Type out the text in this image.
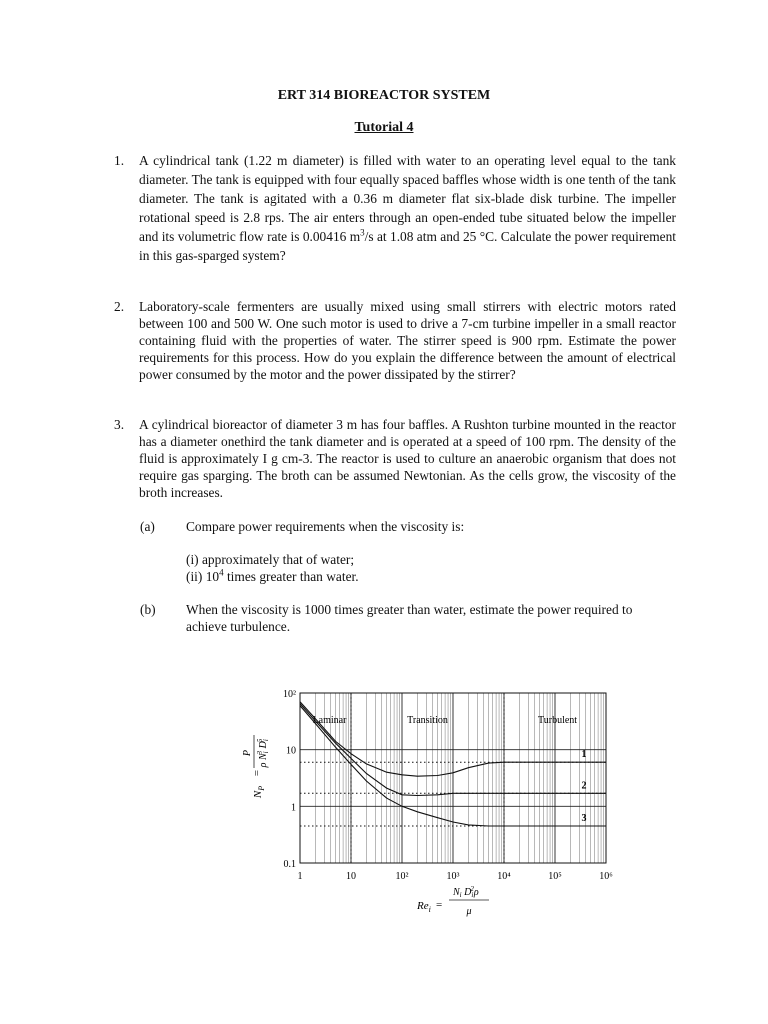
ERT 314 BIOREACTOR SYSTEM
Tutorial 4
1. A cylindrical tank (1.22 m diameter) is filled with water to an operating level equal to the tank diameter. The tank is equipped with four equally spaced baffles whose width is one tenth of the tank diameter. The tank is agitated with a 0.36 m diameter flat six-blade disk turbine. The impeller rotational speed is 2.8 rps. The air enters through an open-ended tube situated below the impeller and its volumetric flow rate is 0.00416 $m^3/s$ at 1.08 atm and 25 °C. Calculate the power requirement in this gas-sparged system?
2. Laboratory-scale fermenters are usually mixed using small stirrers with electric motors rated between 100 and 500 W. One such motor is used to drive a 7-cm turbine impeller in a small reactor containing fluid with the properties of water. The stirrer speed is 900 rpm. Estimate the power requirements for this process. How do you explain the difference between the amount of electrical power consumed by the motor and the power dissipated by the stirrer?
3. A cylindrical bioreactor of diameter 3 m has four baffles. A Rushton turbine mounted in the reactor has a diameter onethird the tank diameter and is operated at a speed of 100 rpm. The density of the fluid is approximately I g cm-3. The reactor is used to culture an anaerobic organism that does not require gas sparging. The broth can be assumed Newtonian. As the cells grow, the viscosity of the broth increases.
(a) Compare power requirements when the viscosity is:
(i) approximately that of water;
(ii) $10^4$ times greater than water.
(b) When the viscosity is 1000 times greater than water, estimate the power required to achieve turbulence.
1	10	10²	10³	10⁴	10⁵	10⁶
0.1
1
10
10²
1
2
3
Laminar	Transition	Turbulent
$N_P$
=
P
ρ $N_i3$ $D_i5$
$Re_i$ =
$N_i$ $D_i2\rho$
μ
